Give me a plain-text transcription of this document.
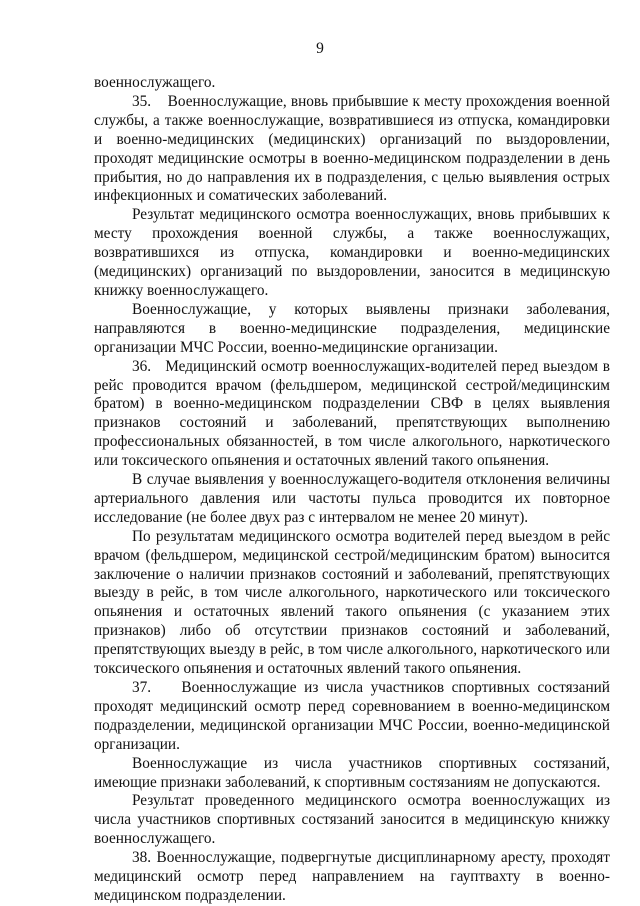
9

военнослужащего.

35.    Военнослужащие, вновь прибывшие к месту прохождения военной службы, а также военнослужащие, возвратившиеся из отпуска, командировки и военно-медицинских (медицинских) организаций по выздоровлении, проходят медицинские осмотры в военно-медицинском подразделении в день прибытия, но до направления их в подразделения, с целью выявления острых инфекционных и соматических заболеваний.

Результат медицинского осмотра военнослужащих, вновь прибывших к месту прохождения военной службы, а также военнослужащих, возвратившихся из отпуска, командировки и военно-медицинских (медицинских) организаций по выздоровлении, заносится в медицинскую книжку военнослужащего.

Военнослужащие, у которых выявлены признаки заболевания, направляются в военно-медицинские подразделения, медицинские организации МЧС России, военно-медицинские организации.

36.   Медицинский осмотр военнослужащих-водителей перед выездом в рейс проводится врачом (фельдшером, медицинской сестрой/медицинским братом) в военно-медицинском подразделении СВФ в целях выявления признаков состояний и заболеваний, препятствующих выполнению профессиональных обязанностей, в том числе алкогольного, наркотического или токсического опьянения и остаточных явлений такого опьянения.

В случае выявления у военнослужащего-водителя отклонения величины артериального давления или частоты пульса проводится их повторное исследование (не более двух раз с интервалом не менее 20 минут).

По результатам медицинского осмотра водителей перед выездом в рейс врачом (фельдшером, медицинской сестрой/медицинским братом) выносится заключение о наличии признаков состояний и заболеваний, препятствующих выезду в рейс, в том числе алкогольного, наркотического или токсического опьянения и остаточных явлений такого опьянения (с указанием этих признаков) либо об отсутствии признаков состояний и заболеваний, препятствующих выезду в рейс, в том числе алкогольного, наркотического или токсического опьянения и остаточных явлений такого опьянения.

37.    Военнослужащие из числа участников спортивных состязаний проходят медицинский осмотр перед соревнованием в военно-медицинском подразделении, медицинской организации МЧС России, военно-медицинской организации.

Военнослужащие из числа участников спортивных состязаний, имеющие признаки заболеваний, к спортивным состязаниям не допускаются.

Результат проведенного медицинского осмотра военнослужащих из числа участников спортивных состязаний заносится в медицинскую книжку военнослужащего.

38. Военнослужащие, подвергнутые дисциплинарному аресту, проходят медицинский осмотр перед направлением на гауптвахту в военно-медицинском подразделении.
